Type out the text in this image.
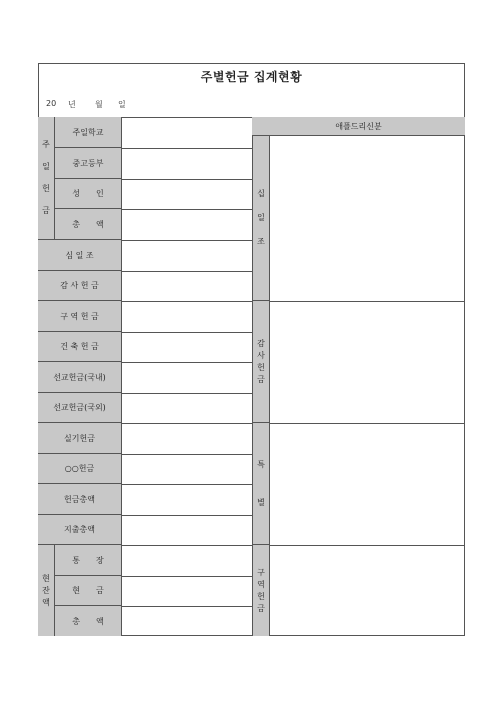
주별헌금 집계현황
20 년 월 일
주
일
헌
금
주일학교
중고등부
성　　인
총　　액
심 일 조
감 사 헌 금
구 역 헌 금
건 축 헌 금
선교헌금(국내)
선교헌금(국외)
실기헌금
○○헌금
헌금총액
지출총액
현
잔
액
통　　장
현　　금
총　　액
애플드리신분
십
일
조
감
사
헌
금
특
별
구
역
헌
금
